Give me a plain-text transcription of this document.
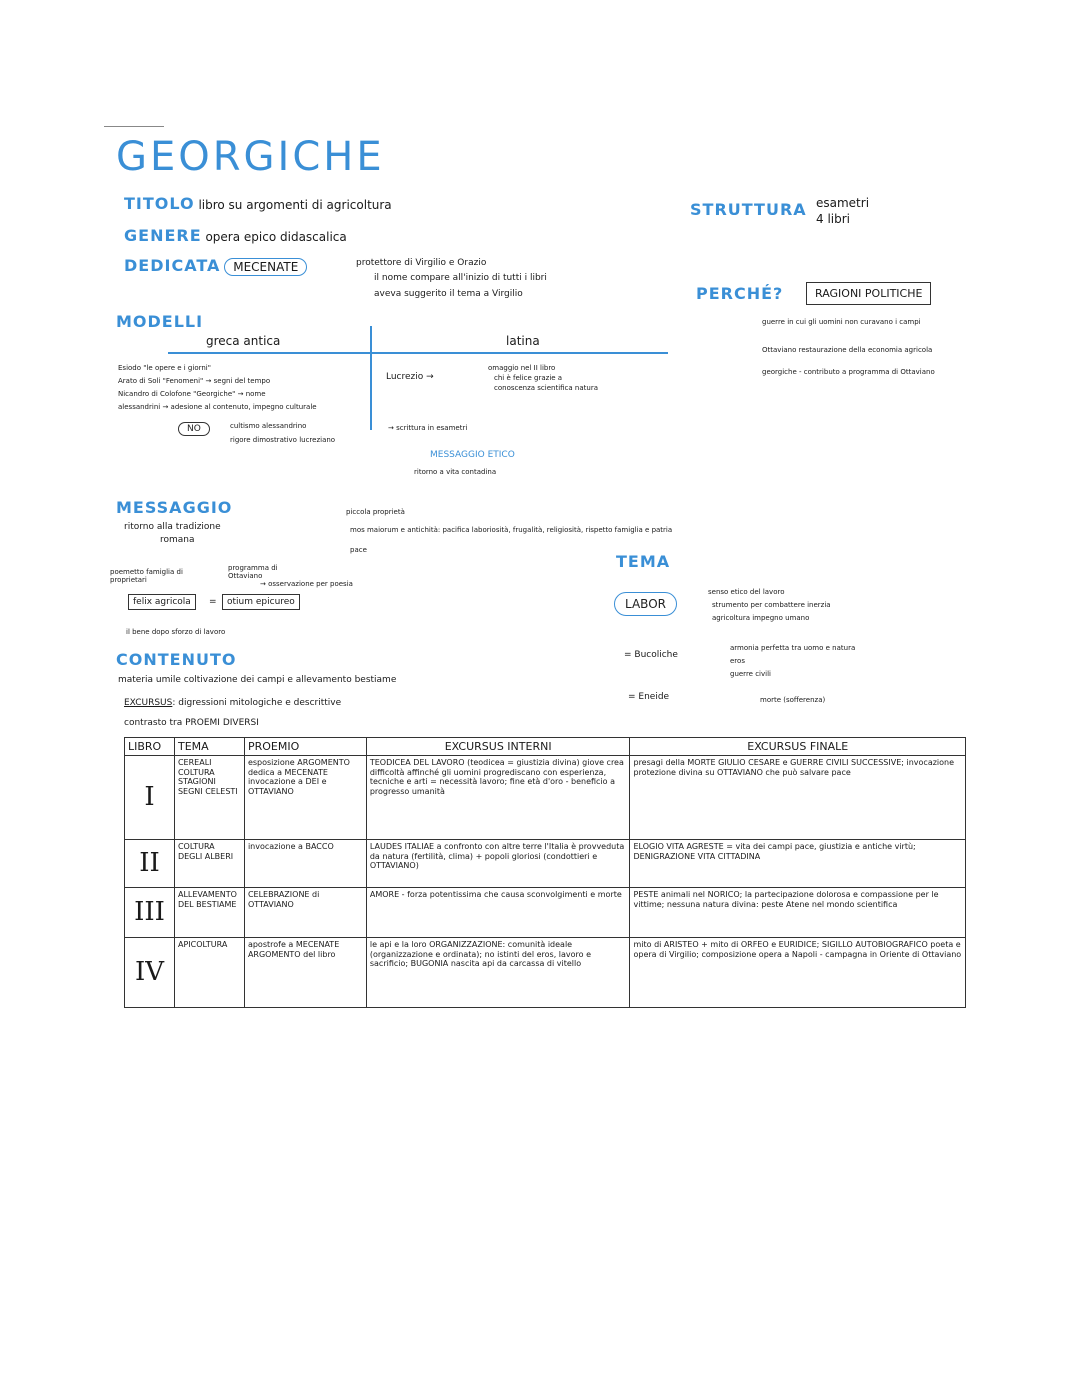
GEORGICHE
TITOLO libro su argomenti di agricoltura
GENERE opera epico didascalica
DEDICATA MECENATE	protettore di Virgilio e Orazio
il nome compare all'inizio di tutti i libri
aveva suggerito il tema a Virgilio
STRUTTURA esametri
4 libri
PERCHÉ?	RAGIONI POLITICHE
guerre in cui gli uomini non curavano i campi
Ottaviano restaurazione della economia agricola
georgiche - contributo a programma di Ottaviano
MODELLI
greca antica	latina
Esiodo "le opere e i giorni"
Arato di Soli "Fenomeni" → segni del tempo
Nicandro di Colofone "Georgiche" → nome
alessandrini → adesione al contenuto, impegno culturale
NO	cultismo alessandrino
rigore dimostrativo lucreziano
Lucrezio →
omaggio nel II libro
chi è felice grazie a
conoscenza scientifica natura
→ scrittura in esametri
MESSAGGIO ETICO
ritorno a vita contadina
MESSAGGIO
ritorno alla tradizione
romana
piccola proprietà
mos maiorum e antichità: pacifica laboriosità, frugalità, religiosità, rispetto famiglia e patria
pace
poemetto famiglia di proprietari
programma di Ottaviano
→ osservazione per poesia
felix agricola	=	otium epicureo
il bene dopo sforzo di lavoro
TEMA
LABOR
senso etico del lavoro
strumento per combattere inerzia
agricoltura impegno umano
= Bucoliche
armonia perfetta tra uomo e natura
eros
guerre civili
= Eneide	morte (sofferenza)
CONTENUTO
materia umile coltivazione dei campi e allevamento bestiame
EXCURSUS: digressioni mitologiche e descrittive
contrasto tra PROEMI DIVERSI
LIBRO	TEMA	PROEMIO	EXCURSUS INTERNI	EXCURSUS FINALE
I	CEREALI COLTURA STAGIONI SEGNI CELESTI	esposizione ARGOMENTO dedica a MECENATE invocazione a DEI e OTTAVIANO	TEODICEA DEL LAVORO (teodicea = giustizia divina) giove crea difficoltà affinché gli uomini progrediscano con esperienza, tecniche e arti = necessità lavoro; fine età d'oro - beneficio a progresso umanità	presagi della MORTE GIULIO CESARE e GUERRE CIVILI SUCCESSIVE; invocazione protezione divina su OTTAVIANO che può salvare pace
II	COLTURA DEGLI ALBERI	invocazione a BACCO	LAUDES ITALIAE a confronto con altre terre l'Italia è provveduta da natura (fertilità, clima) + popoli gloriosi (condottieri e OTTAVIANO)	ELOGIO VITA AGRESTE = vita dei campi pace, giustizia e antiche virtù; DENIGRAZIONE VITA CITTADINA
III	ALLEVAMENTO DEL BESTIAME	CELEBRAZIONE di OTTAVIANO	AMORE - forza potentissima che causa sconvolgimenti e morte	PESTE animali nel NORICO; la partecipazione dolorosa e compassione per le vittime; nessuna natura divina: peste Atene nel mondo scientifica
IV	APICOLTURA	apostrofe a MECENATE ARGOMENTO del libro	le api e la loro ORGANIZZAZIONE: comunità ideale (organizzazione e ordinata); no istinti del eros, lavoro e sacrificio; BUGONIA nascita api da carcassa di vitello	mito di ARISTEO + mito di ORFEO e EURIDICE; SIGILLO AUTOBIOGRAFICO poeta e opera di Virgilio; composizione opera a Napoli - campagna in Oriente di Ottaviano
